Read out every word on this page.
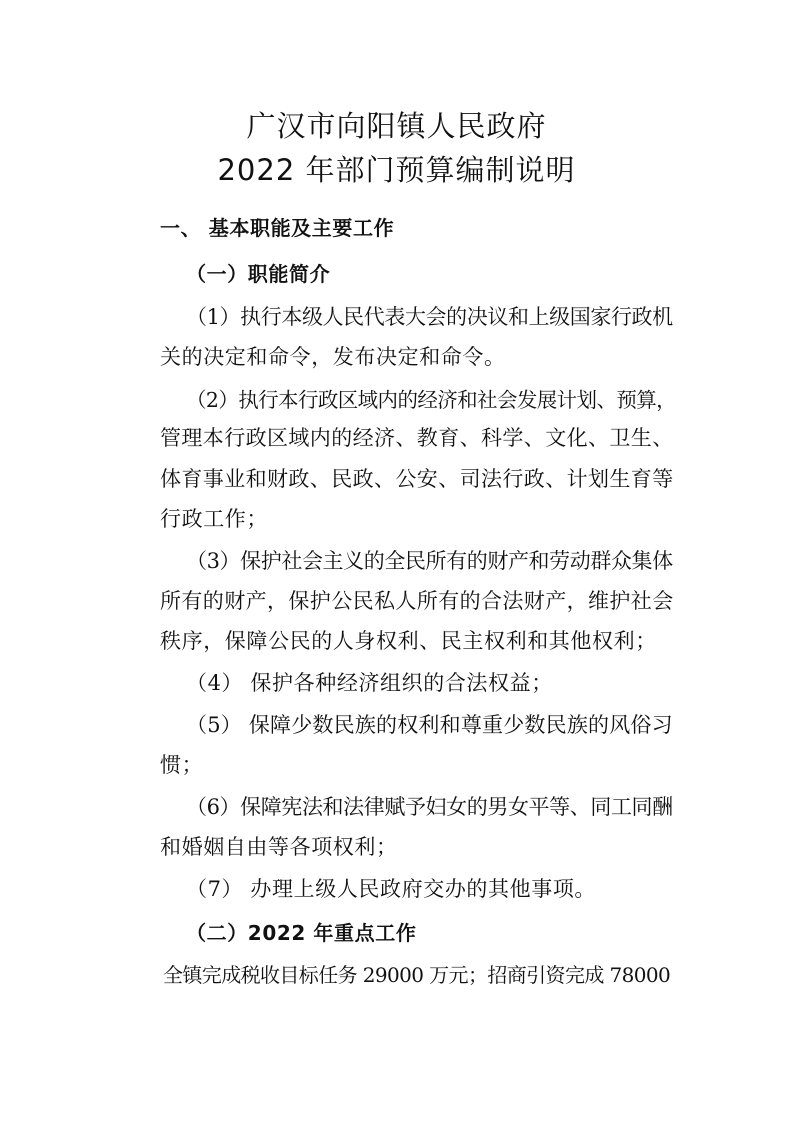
广汉市向阳镇人民政府
2022 年部门预算编制说明
一、 基本职能及主要工作
（一）职能简介
（1）执行本级人民代表大会的决议和上级国家行政机
关的决定和命令，发布决定和命令。
（2）执行本行政区域内的经济和社会发展计划、预算，
管理本行政区域内的经济、教育、科学、文化、卫生、
体育事业和财政、民政、公安、司法行政、计划生育等
行政工作；
（3）保护社会主义的全民所有的财产和劳动群众集体
所有的财产，保护公民私人所有的合法财产，维护社会
秩序，保障公民的人身权利、民主权利和其他权利；
（4） 保护各种经济组织的合法权益；
（5） 保障少数民族的权利和尊重少数民族的风俗习
惯；
（6）保障宪法和法律赋予妇女的男女平等、同工同酬
和婚姻自由等各项权利；
（7） 办理上级人民政府交办的其他事项。
（二）2022 年重点工作
全镇完成税收目标任务 29000 万元；招商引资完成 78000
